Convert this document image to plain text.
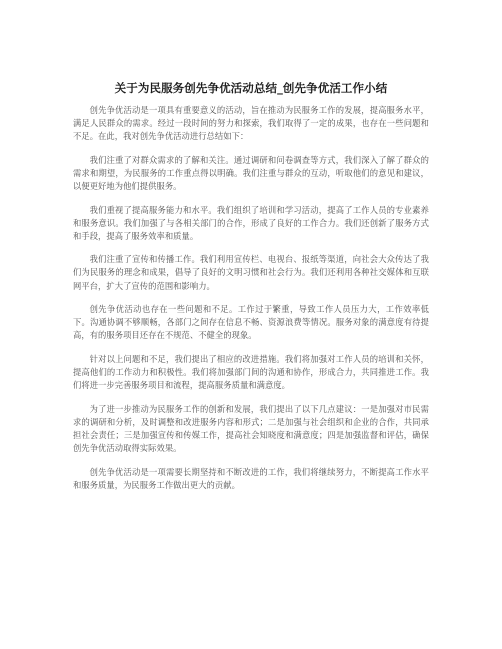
关于为民服务创先争优活动总结_创先争优活工作小结

创先争优活动是一项具有重要意义的活动，旨在推动为民服务工作的发展，提高服务水平，满足人民群众的需求。经过一段时间的努力和探索，我们取得了一定的成果，也存在一些问题和不足。在此，我对创先争优活动进行总结如下：

我们注重了对群众需求的了解和关注。通过调研和问卷调查等方式，我们深入了解了群众的需求和期望，为民服务的工作重点得以明确。我们注重与群众的互动，听取他们的意见和建议，以便更好地为他们提供服务。

我们重视了提高服务能力和水平。我们组织了培训和学习活动，提高了工作人员的专业素养和服务意识。我们加强了与各相关部门的合作，形成了良好的工作合力。我们还创新了服务方式和手段，提高了服务效率和质量。

我们注重了宣传和传播工作。我们利用宣传栏、电视台、报纸等渠道，向社会大众传达了我们为民服务的理念和成果，倡导了良好的文明习惯和社会行为。我们还利用各种社交媒体和互联网平台，扩大了宣传的范围和影响力。

创先争优活动也存在一些问题和不足。工作过于繁重，导致工作人员压力大，工作效率低下。沟通协调不够顺畅，各部门之间存在信息不畅、资源浪费等情况。服务对象的满意度有待提高，有的服务项目还存在不规范、不健全的现象。

针对以上问题和不足，我们提出了相应的改进措施。我们将加强对工作人员的培训和关怀，提高他们的工作动力和积极性。我们将加强部门间的沟通和协作，形成合力，共同推进工作。我们将进一步完善服务项目和流程，提高服务质量和满意度。

为了进一步推动为民服务工作的创新和发展，我们提出了以下几点建议：一是加强对市民需求的调研和分析，及时调整和改进服务内容和形式；二是加强与社会组织和企业的合作，共同承担社会责任；三是加强宣传和传媒工作，提高社会知晓度和满意度；四是加强监督和评估，确保创先争优活动取得实际效果。

创先争优活动是一项需要长期坚持和不断改进的工作，我们将继续努力，不断提高工作水平和服务质量，为民服务工作做出更大的贡献。
